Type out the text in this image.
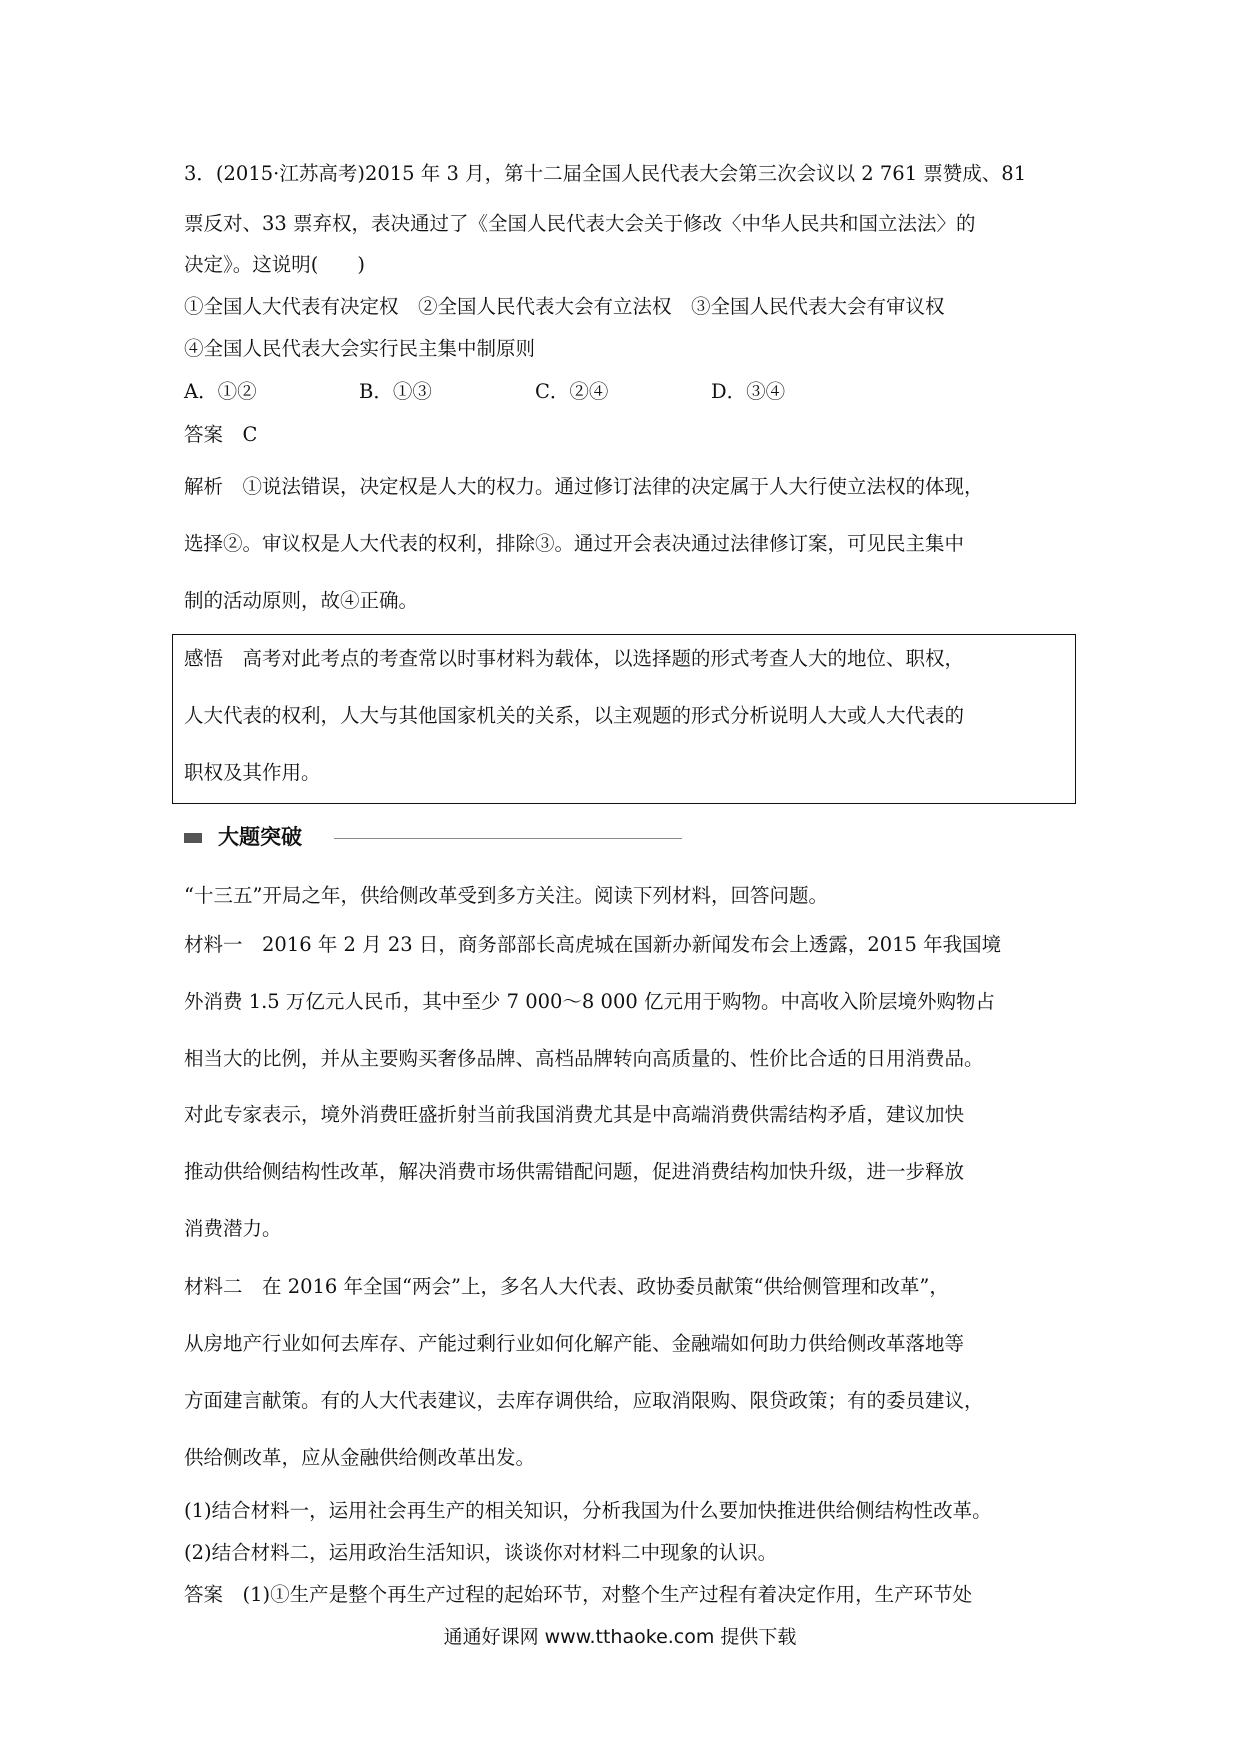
3．(2015·江苏高考)2015 年 3 月，第十二届全国人民代表大会第三次会议以 2 761 票赞成、81
票反对、33 票弃权，表决通过了《全国人民代表大会关于修改〈中华人民共和国立法法〉的
决定》。这说明(　　)
①全国人大代表有决定权　②全国人民代表大会有立法权　③全国人民代表大会有审议权
④全国人民代表大会实行民主集中制原则
A．①②	B．①③	C．②④	D．③④
答案　C
解析　①说法错误，决定权是人大的权力。通过修订法律的决定属于人大行使立法权的体现，
选择②。审议权是人大代表的权利，排除③。通过开会表决通过法律修订案，可见民主集中
制的活动原则，故④正确。
感悟　高考对此考点的考查常以时事材料为载体，以选择题的形式考查人大的地位、职权，
人大代表的权利，人大与其他国家机关的关系，以主观题的形式分析说明人大或人大代表的
职权及其作用。
大题突破
“十三五”开局之年，供给侧改革受到多方关注。阅读下列材料，回答问题。
材料一　2016 年 2 月 23 日，商务部部长高虎城在国新办新闻发布会上透露，2015 年我国境
外消费 1.5 万亿元人民币，其中至少 7 000～8 000 亿元用于购物。中高收入阶层境外购物占
相当大的比例，并从主要购买奢侈品牌、高档品牌转向高质量的、性价比合适的日用消费品。
对此专家表示，境外消费旺盛折射当前我国消费尤其是中高端消费供需结构矛盾，建议加快
推动供给侧结构性改革，解决消费市场供需错配问题，促进消费结构加快升级，进一步释放
消费潜力。
材料二　在 2016 年全国“两会”上，多名人大代表、政协委员献策“供给侧管理和改革”，
从房地产行业如何去库存、产能过剩行业如何化解产能、金融端如何助力供给侧改革落地等
方面建言献策。有的人大代表建议，去库存调供给，应取消限购、限贷政策；有的委员建议，
供给侧改革，应从金融供给侧改革出发。
(1)结合材料一，运用社会再生产的相关知识，分析我国为什么要加快推进供给侧结构性改革。
(2)结合材料二，运用政治生活知识，谈谈你对材料二中现象的认识。
答案　(1)①生产是整个再生产过程的起始环节，对整个生产过程有着决定作用，生产环节处
通通好课网 www.tthaoke.com 提供下载
